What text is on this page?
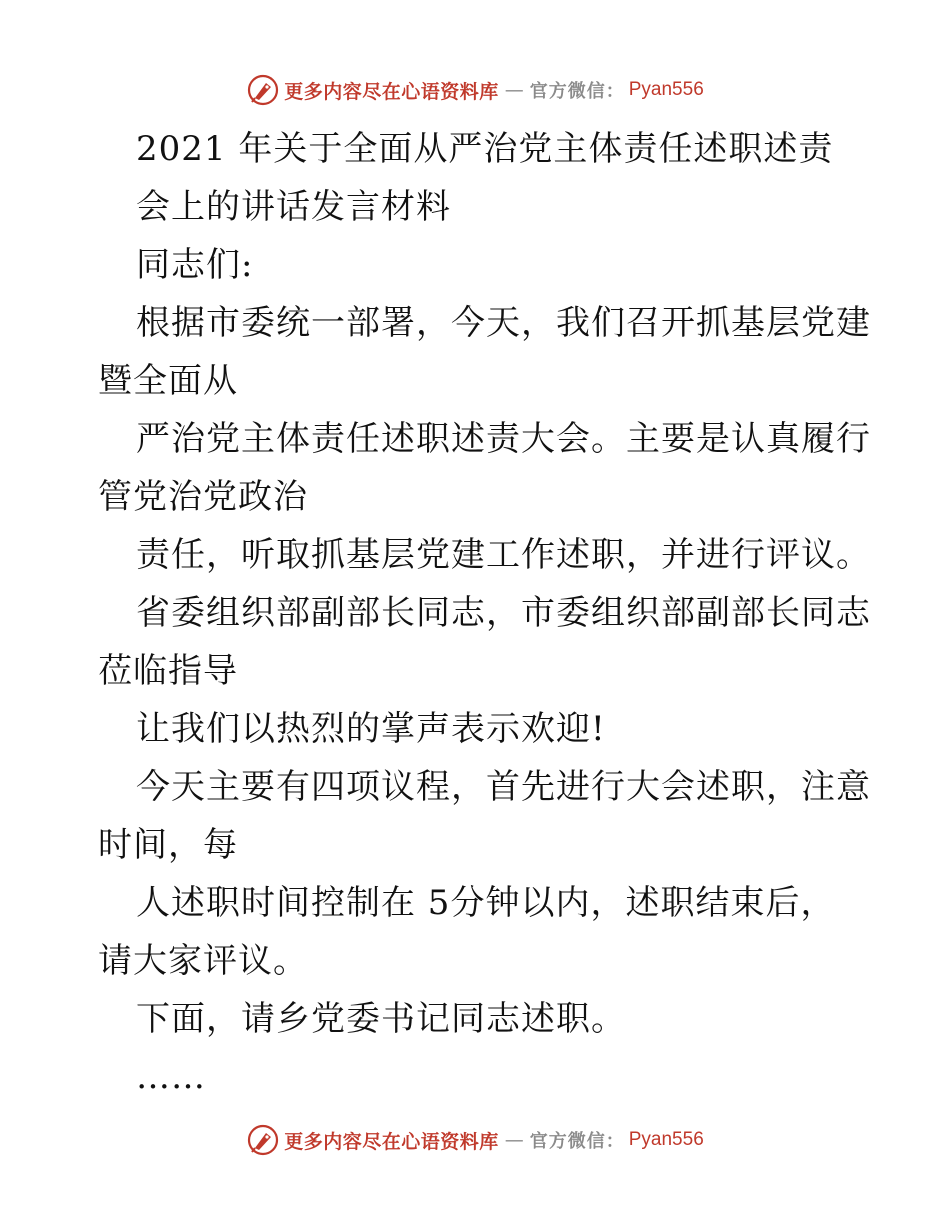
更多内容尽在心语资料库 — 官方微信： Pyan556
2021 年关于全面从严治党主体责任述职述责
会上的讲话发言材料
同志们:
根据市委统一部署，今天，我们召开抓基层党建
暨全面从
严治党主体责任述职述责大会。主要是认真履行
管党治党政治
责任，听取抓基层党建工作述职，并进行评议。
省委组织部副部长同志，市委组织部副部长同志
莅临指导
让我们以热烈的掌声表示欢迎!
今天主要有四项议程，首先进行大会述职，注意
时间，每
人述职时间控制在 5分钟以内，述职结束后，
请大家评议。
下面，请乡党委书记同志述职。
……
更多内容尽在心语资料库 — 官方微信： Pyan556
